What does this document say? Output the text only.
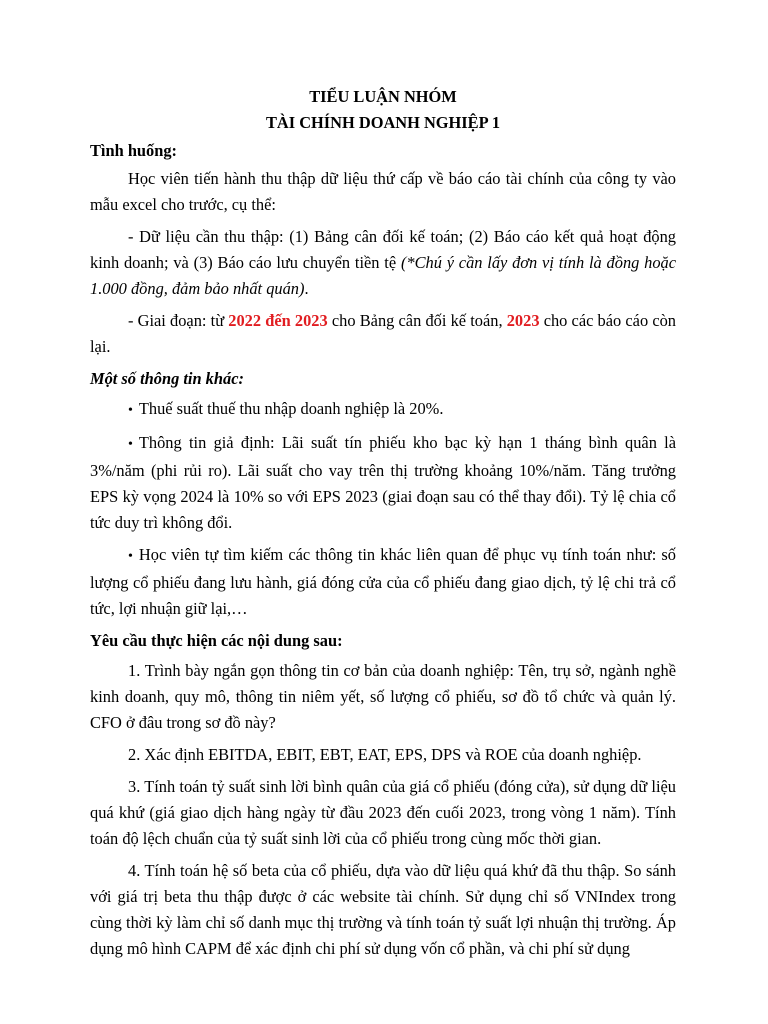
TIỂU LUẬN NHÓM
TÀI CHÍNH DOANH NGHIỆP 1
Tình huống:

Học viên tiến hành thu thập dữ liệu thứ cấp về báo cáo tài chính của công ty vào mẫu excel cho trước, cụ thể:

- Dữ liệu cần thu thập: (1) Bảng cân đối kế toán; (2) Báo cáo kết quả hoạt động kinh doanh; và (3) Báo cáo lưu chuyển tiền tệ (*Chú ý cần lấy đơn vị tính là đồng hoặc 1.000 đồng, đảm bảo nhất quán).

- Giai đoạn: từ 2022 đến 2023 cho Bảng cân đối kế toán, 2023 cho các báo cáo còn lại.

Một số thông tin khác:

• Thuế suất thuế thu nhập doanh nghiệp là 20%.

• Thông tin giả định: Lãi suất tín phiếu kho bạc kỳ hạn 1 tháng bình quân là 3%/năm (phi rủi ro). Lãi suất cho vay trên thị trường khoảng 10%/năm. Tăng trưởng EPS kỳ vọng 2024 là 10% so với EPS 2023 (giai đoạn sau có thể thay đổi). Tỷ lệ chia cổ tức duy trì không đổi.

• Học viên tự tìm kiếm các thông tin khác liên quan để phục vụ tính toán như: số lượng cổ phiếu đang lưu hành, giá đóng cửa của cổ phiếu đang giao dịch, tỷ lệ chi trả cổ tức, lợi nhuận giữ lại,…

Yêu cầu thực hiện các nội dung sau:

1. Trình bày ngắn gọn thông tin cơ bản của doanh nghiệp: Tên, trụ sở, ngành nghề kinh doanh, quy mô, thông tin niêm yết, số lượng cổ phiếu, sơ đồ tổ chức và quản lý. CFO ở đâu trong sơ đồ này?

2. Xác định EBITDA, EBIT, EBT, EAT, EPS, DPS và ROE của doanh nghiệp.

3. Tính toán tỷ suất sinh lời bình quân của giá cổ phiếu (đóng cửa), sử dụng dữ liệu quá khứ (giá giao dịch hàng ngày từ đầu 2023 đến cuối 2023, trong vòng 1 năm). Tính toán độ lệch chuẩn của tỷ suất sinh lời của cổ phiếu trong cùng mốc thời gian.

4. Tính toán hệ số beta của cổ phiếu, dựa vào dữ liệu quá khứ đã thu thập. So sánh với giá trị beta thu thập được ở các website tài chính. Sử dụng chỉ số VNIndex trong cùng thời kỳ làm chỉ số danh mục thị trường và tính toán tỷ suất lợi nhuận thị trường. Áp dụng mô hình CAPM để xác định chi phí sử dụng vốn cổ phần, và chi phí sử dụng
